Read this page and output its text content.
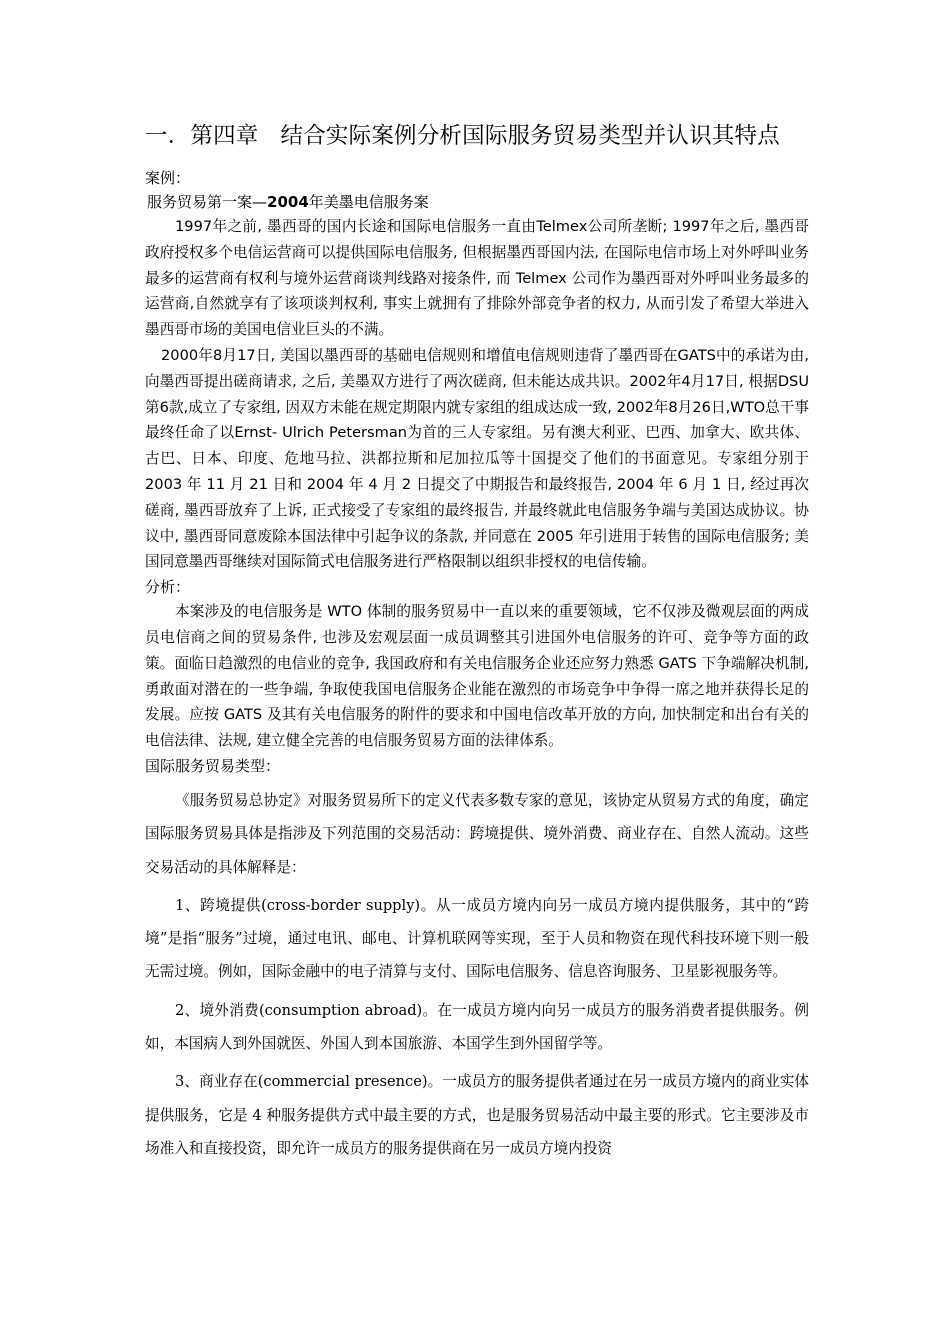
一．第四章 结合实际案例分析国际服务贸易类型并认识其特点

案例：

服务贸易第一案—2004年美墨电信服务案

1997年之前, 墨西哥的国内长途和国际电信服务一直由Telmex公司所垄断; 1997年之后, 墨西哥政府授权多个电信运营商可以提供国际电信服务, 但根据墨西哥国内法, 在国际电信市场上对外呼叫业务最多的运营商有权利与境外运营商谈判线路对接条件, 而 Telmex 公司作为墨西哥对外呼叫业务最多的运营商,自然就享有了该项谈判权利, 事实上就拥有了排除外部竞争者的权力, 从而引发了希望大举进入墨西哥市场的美国电信业巨头的不满。

2000年8月17日, 美国以墨西哥的基础电信规则和增值电信规则违背了墨西哥在GATS中的承诺为由, 向墨西哥提出磋商请求, 之后, 美墨双方进行了两次磋商, 但未能达成共识。2002年4月17日, 根据DSU第6款,成立了专家组, 因双方未能在规定期限内就专家组的组成达成一致, 2002年8月26日,WTO总干事最终任命了以Ernst- Ulrich Petersman为首的三人专家组。另有澳大利亚、巴西、加拿大、欧共体、古巴、日本、印度、危地马拉、洪都拉斯和尼加拉瓜等十国提交了他们的书面意见。专家组分别于 2003 年 11 月 21 日和 2004 年 4 月 2 日提交了中期报告和最终报告, 2004 年 6 月 1 日, 经过再次磋商, 墨西哥放弃了上诉, 正式接受了专家组的最终报告, 并最终就此电信服务争端与美国达成协议。协议中, 墨西哥同意废除本国法律中引起争议的条款, 并同意在 2005 年引进用于转售的国际电信服务; 美国同意墨西哥继续对国际简式电信服务进行严格限制以组织非授权的电信传输。

分析：

本案涉及的电信服务是 WTO 体制的服务贸易中一直以来的重要领域，它不仅涉及微观层面的两成员电信商之间的贸易条件, 也涉及宏观层面一成员调整其引进国外电信服务的许可、竞争等方面的政策。面临日趋激烈的电信业的竞争, 我国政府和有关电信服务企业还应努力熟悉 GATS 下争端解决机制, 勇敢面对潜在的一些争端, 争取使我国电信服务企业能在激烈的市场竞争中争得一席之地并获得长足的发展。应按 GATS 及其有关电信服务的附件的要求和中国电信改革开放的方向, 加快制定和出台有关的电信法律、法规, 建立健全完善的电信服务贸易方面的法律体系。

国际服务贸易类型：

《服务贸易总协定》对服务贸易所下的定义代表多数专家的意见，该协定从贸易方式的角度，确定国际服务贸易具体是指涉及下列范围的交易活动：跨境提供、境外消费、商业存在、自然人流动。这些交易活动的具体解释是：

1、跨境提供(cross-border supply)。从一成员方境内向另一成员方境内提供服务，其中的“跨境”是指“服务”过境，通过电讯、邮电、计算机联网等实现，至于人员和物资在现代科技环境下则一般无需过境。例如，国际金融中的电子清算与支付、国际电信服务、信息咨询服务、卫星影视服务等。

2、境外消费(consumption abroad)。在一成员方境内向另一成员方的服务消费者提供服务。例如，本国病人到外国就医、外国人到本国旅游、本国学生到外国留学等。

3、商业存在(commercial presence)。一成员方的服务提供者通过在另一成员方境内的商业实体提供服务，它是 4 种服务提供方式中最主要的方式，也是服务贸易活动中最主要的形式。它主要涉及市场准入和直接投资，即允许一成员方的服务提供商在另一成员方境内投资
